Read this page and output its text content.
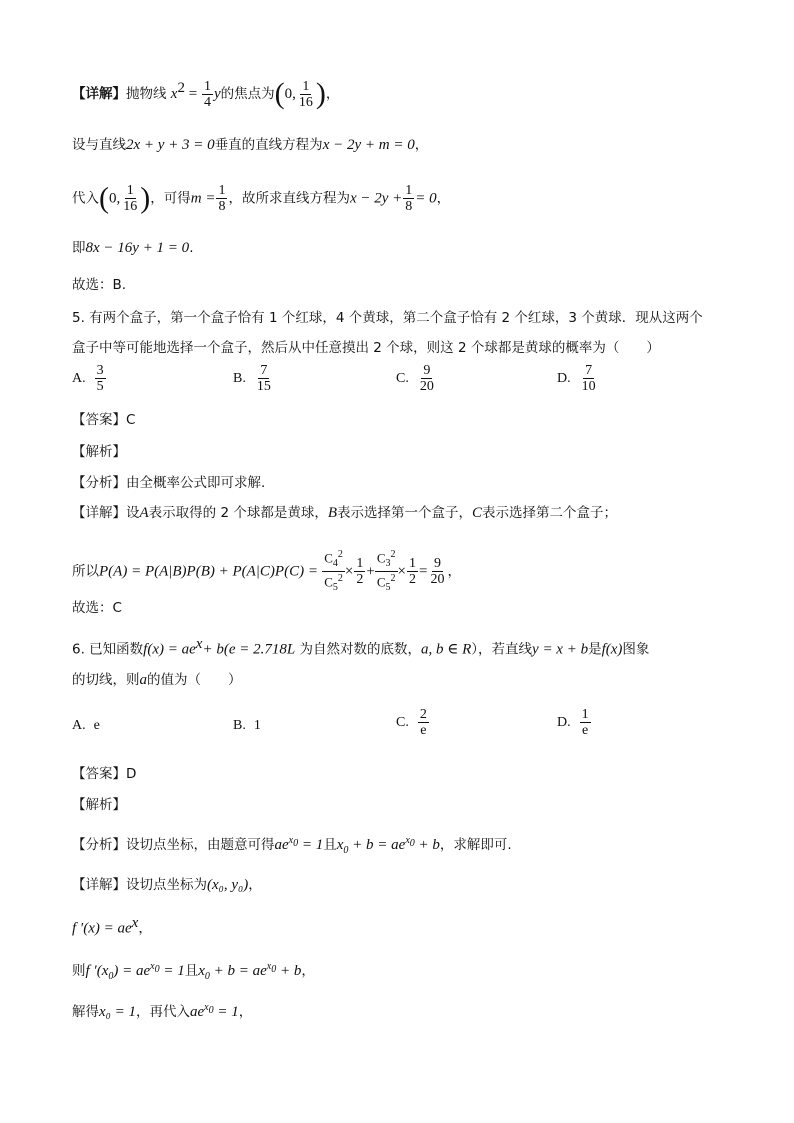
【详解】抛物线 $x^2 = \frac{1}{4}$ y的焦点为(0, $\frac{1}{16}$ )，
设与直线2x + y + 3 = 0垂直的直线方程为x − 2y + m = 0，
代入(0, $\frac{1}{16}$ )，可得$m = \frac{1}{8}$ ，故所求直线方程为$x - 2y + \frac{1}{8} = 0$，
即8x − 16y + 1 = 0.
故选：B.
5. 有两个盒子，第一个盒子恰有 1 个红球，4 个黄球，第二个盒子恰有 2 个红球，3 个黄球．现从这两个
盒子中等可能地选择一个盒子，然后从中任意摸出 2 个球，则这 2 个球都是黄球的概率为（　　）
A. $\frac{3}{5}$	B. $\frac{7}{15}$	C. $\frac{9}{20}$	D. $\frac{7}{10}$
【答案】C
【解析】
【分析】由全概率公式即可求解.
【详解】设A表示取得的 2 个球都是黄球，B表示选择第一个盒子，C表示选择第二个盒子；
所以$P(A) = P(A|B)P(B) + P(A|C)P(C) = \frac{C_4^2}{C_5^2} \times \frac{1}{2} + \frac{C_3^2}{C_5^2} \times \frac{1}{2} = \frac{9}{20}$ ，
故选：C
6. 已知函数$f(x) = ae^x+ b(e = 2.718L$ 为自然对数的底数，a, b ∈ R），若直线y = x + b是f(x)图象
的切线，则a的值为（　　）
A. e	B. 1	C. $\frac{2}{e}$	D. $\frac{1}{e}$
【答案】D
【解析】
【分析】设切点坐标，由题意可得$ae^{x_0} = 1$且$x_0 + b = ae^{x_0} + b$，求解即可.
【详解】设切点坐标为(x₀, y₀)，
f $'(x) = ae^x$，
则f $'(x_0) = ae^{x_0} = 1$且$x_0 + b = ae^{x_0} + b$，
解得x₀ = 1，再代入$ae^{x_0} = 1$，
